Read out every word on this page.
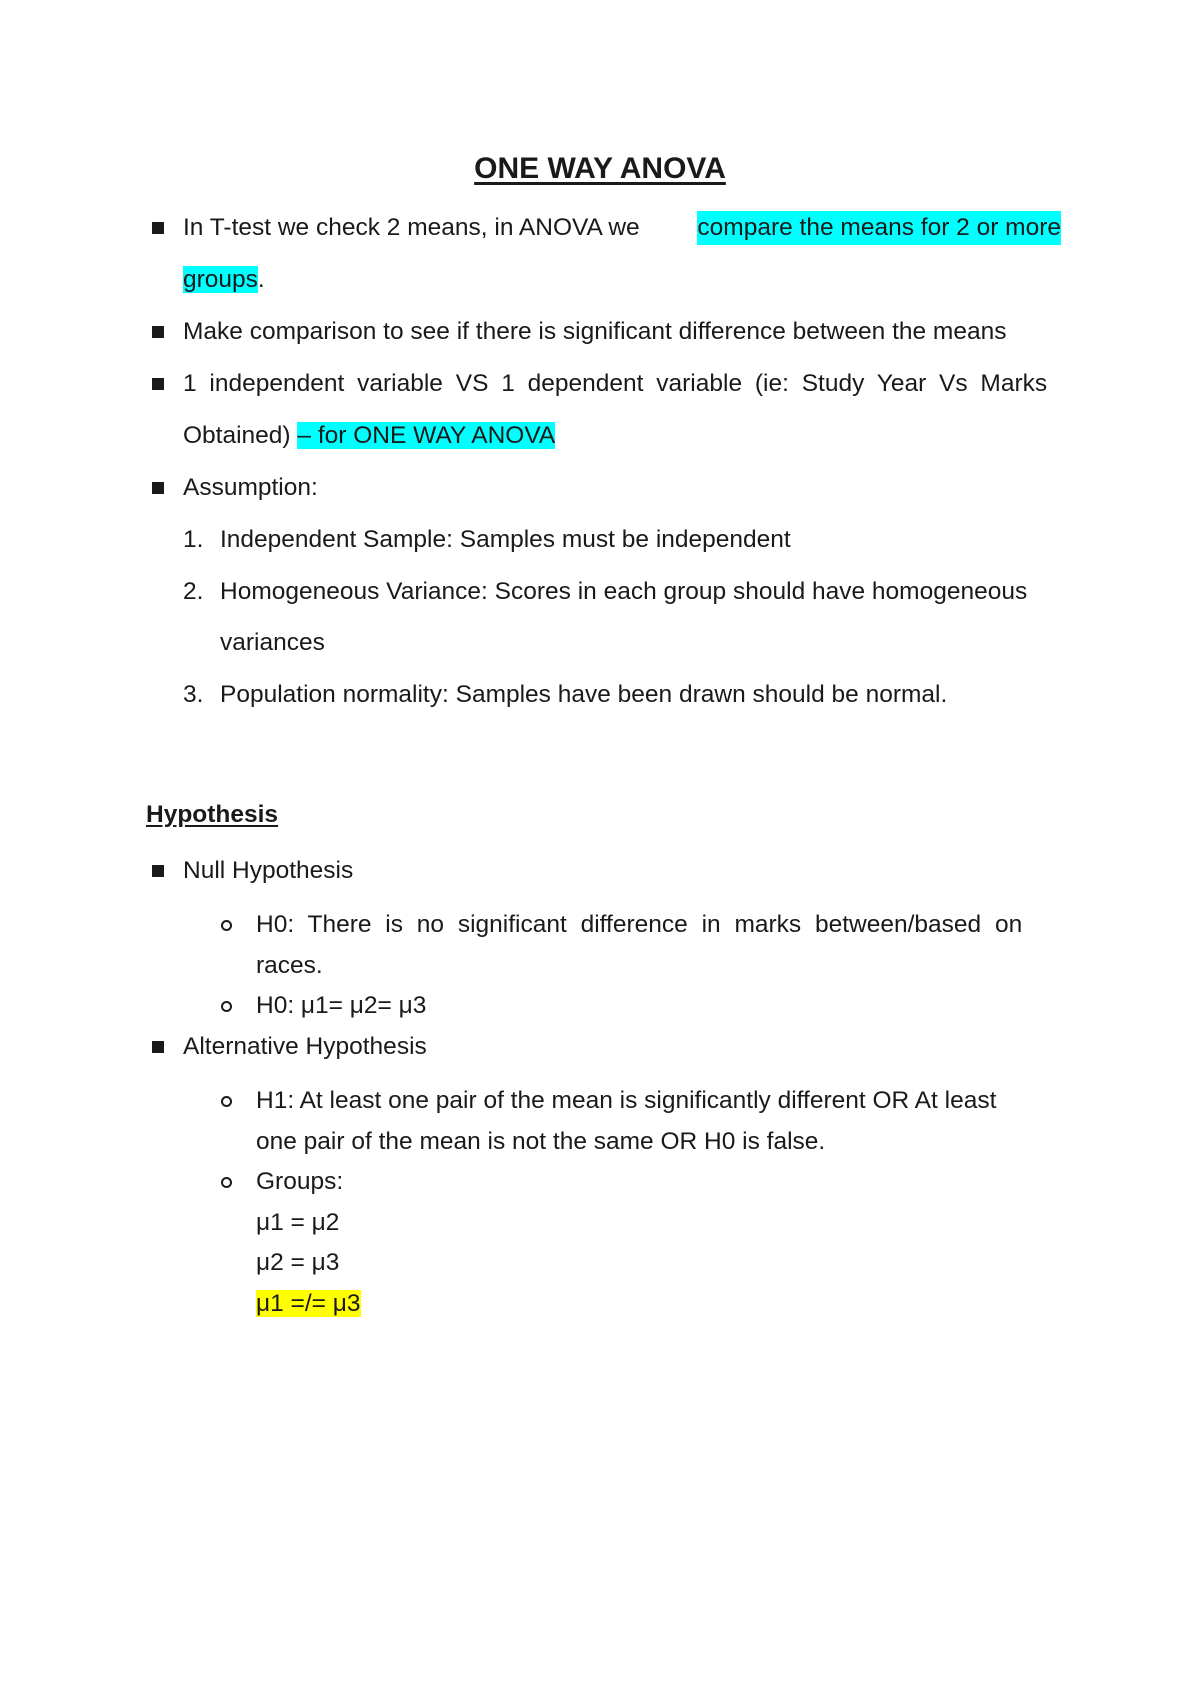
ONE WAY ANOVA
In T-test we check 2 means, in ANOVA we compare the means for 2 or more
groups.
Make comparison to see if there is significant difference between the means
1 independent variable VS 1 dependent variable (ie: Study Year Vs Marks
Obtained) – for ONE WAY ANOVA
Assumption:
1. Independent Sample: Samples must be independent
2. Homogeneous Variance: Scores in each group should have homogeneous
variances
3. Population normality: Samples have been drawn should be normal.
Hypothesis
Null Hypothesis
H0: There is no significant difference in marks between/based on
races.
H0: μ1= μ2= μ3
Alternative Hypothesis
H1: At least one pair of the mean is significantly different OR At least
one pair of the mean is not the same OR H0 is false.
Groups:
μ1 = μ2
μ2 = μ3
μ1 =/= μ3
